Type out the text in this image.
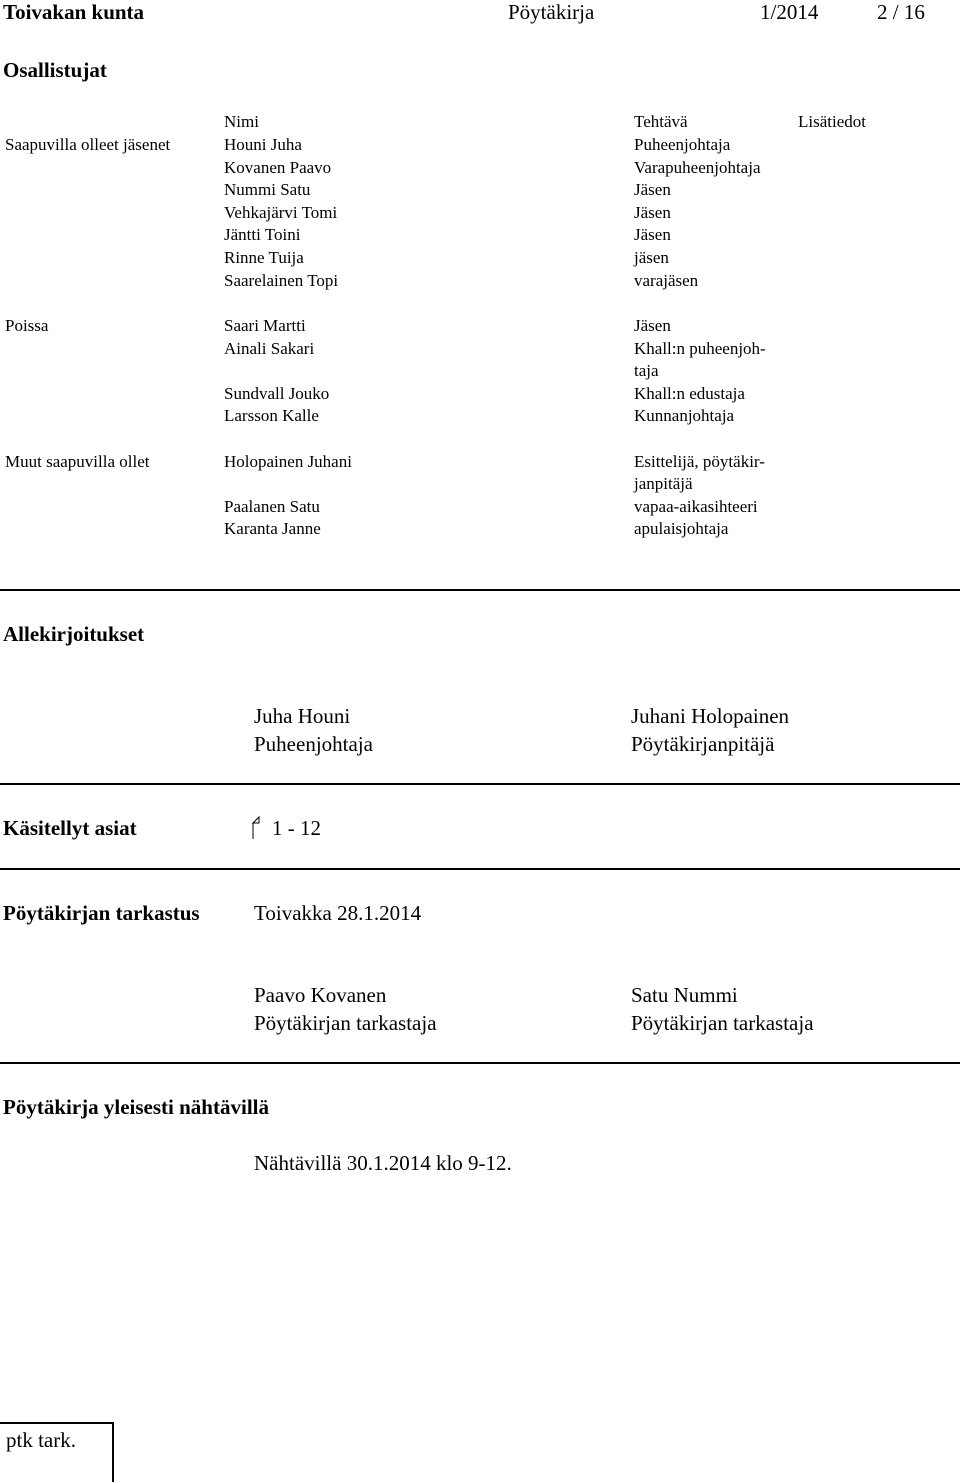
Toivakan kunta	Pöytäkirja	1/2014	2 / 16
Osallistujat
Nimi	Tehtävä	Lisätiedot
Saapuvilla olleet jäsenet	Houni Juha	Puheenjohtaja
Kovanen Paavo	Varapuheenjohtaja
Nummi Satu	Jäsen
Vehkajärvi Tomi	Jäsen
Jäntti Toini	Jäsen
Rinne Tuija	jäsen
Saarelainen Topi	varajäsen
Poissa	Saari Martti	Jäsen
Ainali Sakari	Khall:n puheenjoh-
taja
Sundvall Jouko	Khall:n edustaja
Larsson Kalle	Kunnanjohtaja
Muut saapuvilla ollet	Holopainen Juhani	Esittelijä, pöytäkir-
janpitäjä
Paalanen Satu	vapaa-aikasihteeri
Karanta Janne	apulaisjohtaja
Allekirjoitukset
Juha Houni
Puheenjohtaja
Juhani Holopainen
Pöytäkirjanpitäjä
Käsitellyt asiat	1 - 12
Pöytäkirjan tarkastus	Toivakka 28.1.2014
Paavo Kovanen
Pöytäkirjan tarkastaja
Satu Nummi
Pöytäkirjan tarkastaja
Pöytäkirja yleisesti nähtävillä
Nähtävillä 30.1.2014 klo 9-12.
ptk tark.
